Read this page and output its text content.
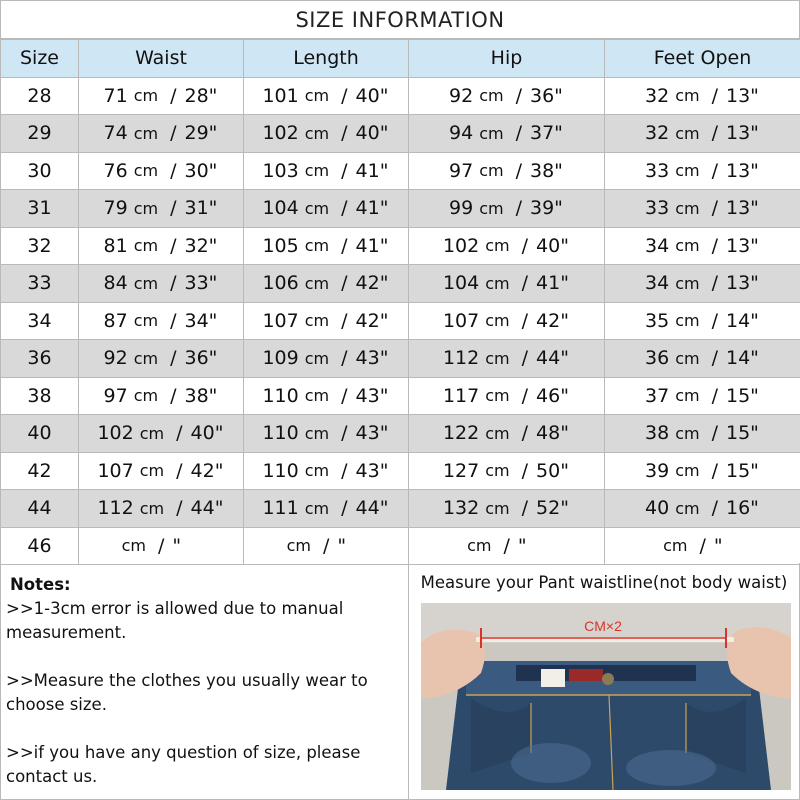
SIZE INFORMATION
Size	Waist	Length	Hip	Feet Open
28	71 cm / 28"	101 cm / 40"	92 cm / 36"	32 cm / 13"

29	74 cm / 29"	102 cm / 40"	94 cm / 37"	32 cm / 13"

30	76 cm / 30"	103 cm / 41"	97 cm / 38"	33 cm / 13"

31	79 cm / 31"	104 cm / 41"	99 cm / 39"	33 cm / 13"

32	81 cm / 32"	105 cm / 41"	102 cm / 40"	34 cm / 13"

33	84 cm / 33"	106 cm / 42"	104 cm / 41"	34 cm / 13"

34	87 cm / 34"	107 cm / 42"	107 cm / 42"	35 cm / 14"

36	92 cm / 36"	109 cm / 43"	112 cm / 44"	36 cm / 14"

38	97 cm / 38"	110 cm / 43"	117 cm / 46"	37 cm / 15"

40	102 cm / 40"	110 cm / 43"	122 cm / 48"	38 cm / 15"

42	107 cm / 42"	110 cm / 43"	127 cm / 50"	39 cm / 15"

44	112 cm / 44"	111 cm / 44"	132 cm / 52"	40 cm / 16"

46	cm / "	cm / "	cm / "	cm / "
Notes:
>>1-3cm error is allowed due to manual measurement.
>>Measure the clothes you usually wear to choose size.
>>if you have any question of size, please contact us.
Measure your Pant waistline(not body waist)
CM×2
